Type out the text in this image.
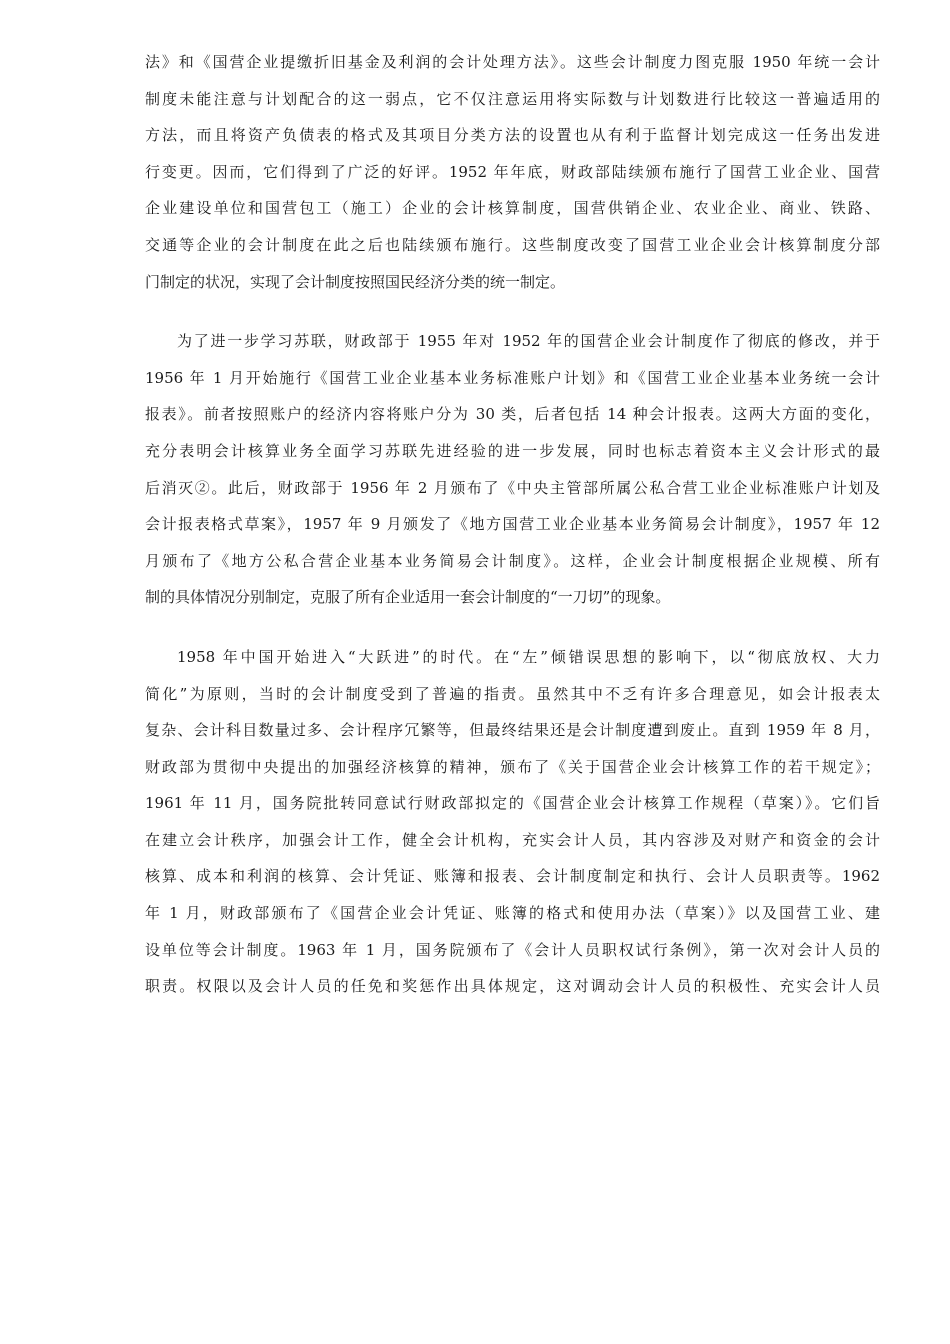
法》和《国营企业提缴折旧基金及利润的会计处理方法》。这些会计制度力图克服 1950 年统一会计
制度未能注意与计划配合的这一弱点，它不仅注意运用将实际数与计划数进行比较这一普遍适用的
方法，而且将资产负债表的格式及其项目分类方法的设置也从有利于监督计划完成这一任务出发进
行变更。因而，它们得到了广泛的好评。1952 年年底，财政部陆续颁布施行了国营工业企业、国营
企业建设单位和国营包工（施工）企业的会计核算制度，国营供销企业、农业企业、商业、铁路、
交通等企业的会计制度在此之后也陆续颁布施行。这些制度改变了国营工业企业会计核算制度分部
门制定的状况，实现了会计制度按照国民经济分类的统一制定。
为了进一步学习苏联，财政部于 1955 年对 1952 年的国营企业会计制度作了彻底的修改，并于
1956 年 1 月开始施行《国营工业企业基本业务标准账户计划》和《国营工业企业基本业务统一会计
报表》。前者按照账户的经济内容将账户分为 30 类，后者包括 14 种会计报表。这两大方面的变化，
充分表明会计核算业务全面学习苏联先进经验的进一步发展，同时也标志着资本主义会计形式的最
后消灭②。此后，财政部于 1956 年 2 月颁布了《中央主管部所属公私合营工业企业标准账户计划及
会计报表格式草案》，1957 年 9 月颁发了《地方国营工业企业基本业务简易会计制度》，1957 年 12
月颁布了《地方公私合营企业基本业务简易会计制度》。这样，企业会计制度根据企业规模、所有
制的具体情况分别制定，克服了所有企业适用一套会计制度的“一刀切”的现象。
1958 年中国开始进入“大跃进”的时代。在“左”倾错误思想的影响下，以“彻底放权、大力
简化”为原则，当时的会计制度受到了普遍的指责。虽然其中不乏有许多合理意见，如会计报表太
复杂、会计科目数量过多、会计程序冗繁等，但最终结果还是会计制度遭到废止。直到 1959 年 8 月，
财政部为贯彻中央提出的加强经济核算的精神，颁布了《关于国营企业会计核算工作的若干规定》；
1961 年 11 月，国务院批转同意试行财政部拟定的《国营企业会计核算工作规程（草案）》。它们旨
在建立会计秩序，加强会计工作，健全会计机构，充实会计人员，其内容涉及对财产和资金的会计
核算、成本和利润的核算、会计凭证、账簿和报表、会计制度制定和执行、会计人员职责等。1962
年 1 月，财政部颁布了《国营企业会计凭证、账簿的格式和使用办法（草案）》以及国营工业、建
设单位等会计制度。1963 年 1 月，国务院颁布了《会计人员职权试行条例》，第一次对会计人员的
职责。权限以及会计人员的任免和奖惩作出具体规定，这对调动会计人员的积极性、充实会计人员
